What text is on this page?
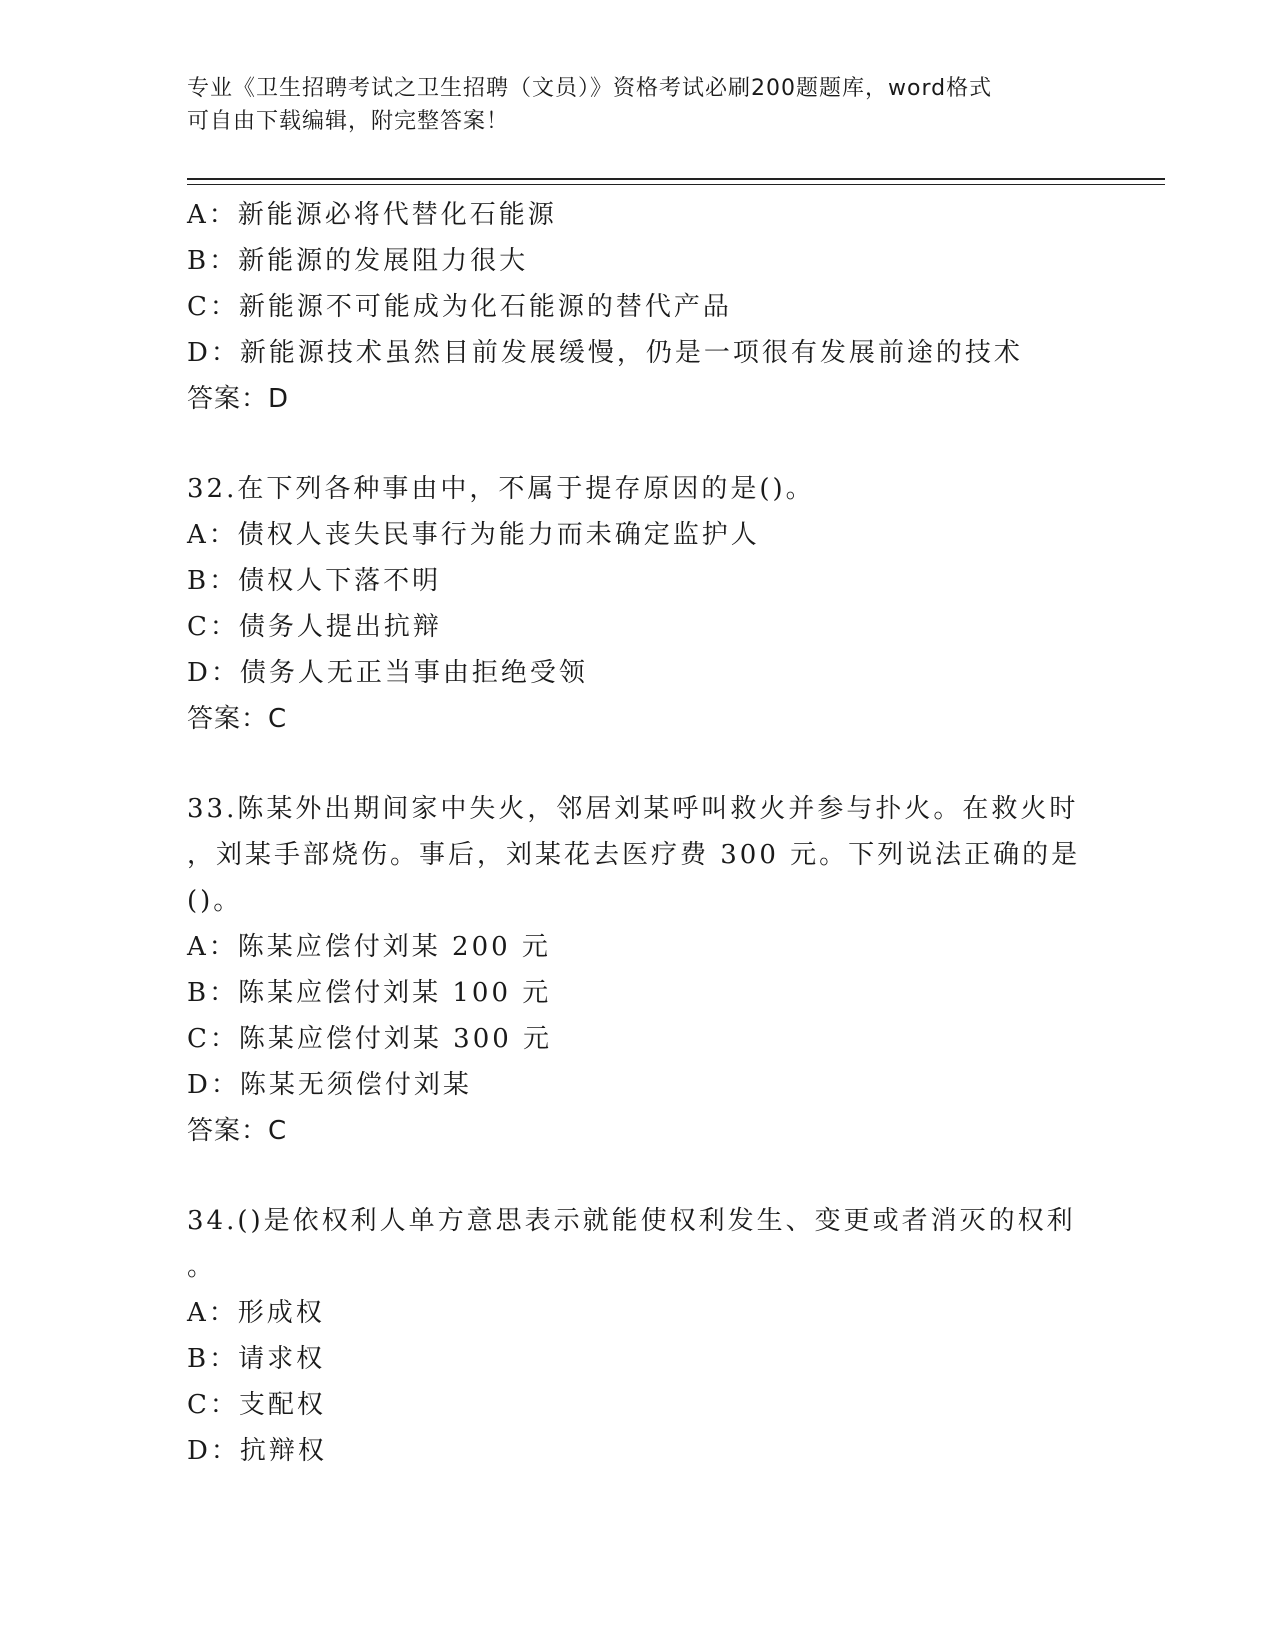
专业《卫生招聘考试之卫生招聘（文员）》资格考试必刷200题题库，word格式
可自由下载编辑，附完整答案！
A：新能源必将代替化石能源
B：新能源的发展阻力很大
C：新能源不可能成为化石能源的替代产品
D：新能源技术虽然目前发展缓慢，仍是一项很有发展前途的技术
答案：D
32.在下列各种事由中，不属于提存原因的是()。
A：债权人丧失民事行为能力而未确定监护人
B：债权人下落不明
C：债务人提出抗辩
D：债务人无正当事由拒绝受领
答案：C
33.陈某外出期间家中失火，邻居刘某呼叫救火并参与扑火。在救火时
，刘某手部烧伤。事后，刘某花去医疗费 300 元。下列说法正确的是
()。
A：陈某应偿付刘某 200 元
B：陈某应偿付刘某 100 元
C：陈某应偿付刘某 300 元
D：陈某无须偿付刘某
答案：C
34.()是依权利人单方意思表示就能使权利发生、变更或者消灭的权利
。
A：形成权
B：请求权
C：支配权
D：抗辩权
